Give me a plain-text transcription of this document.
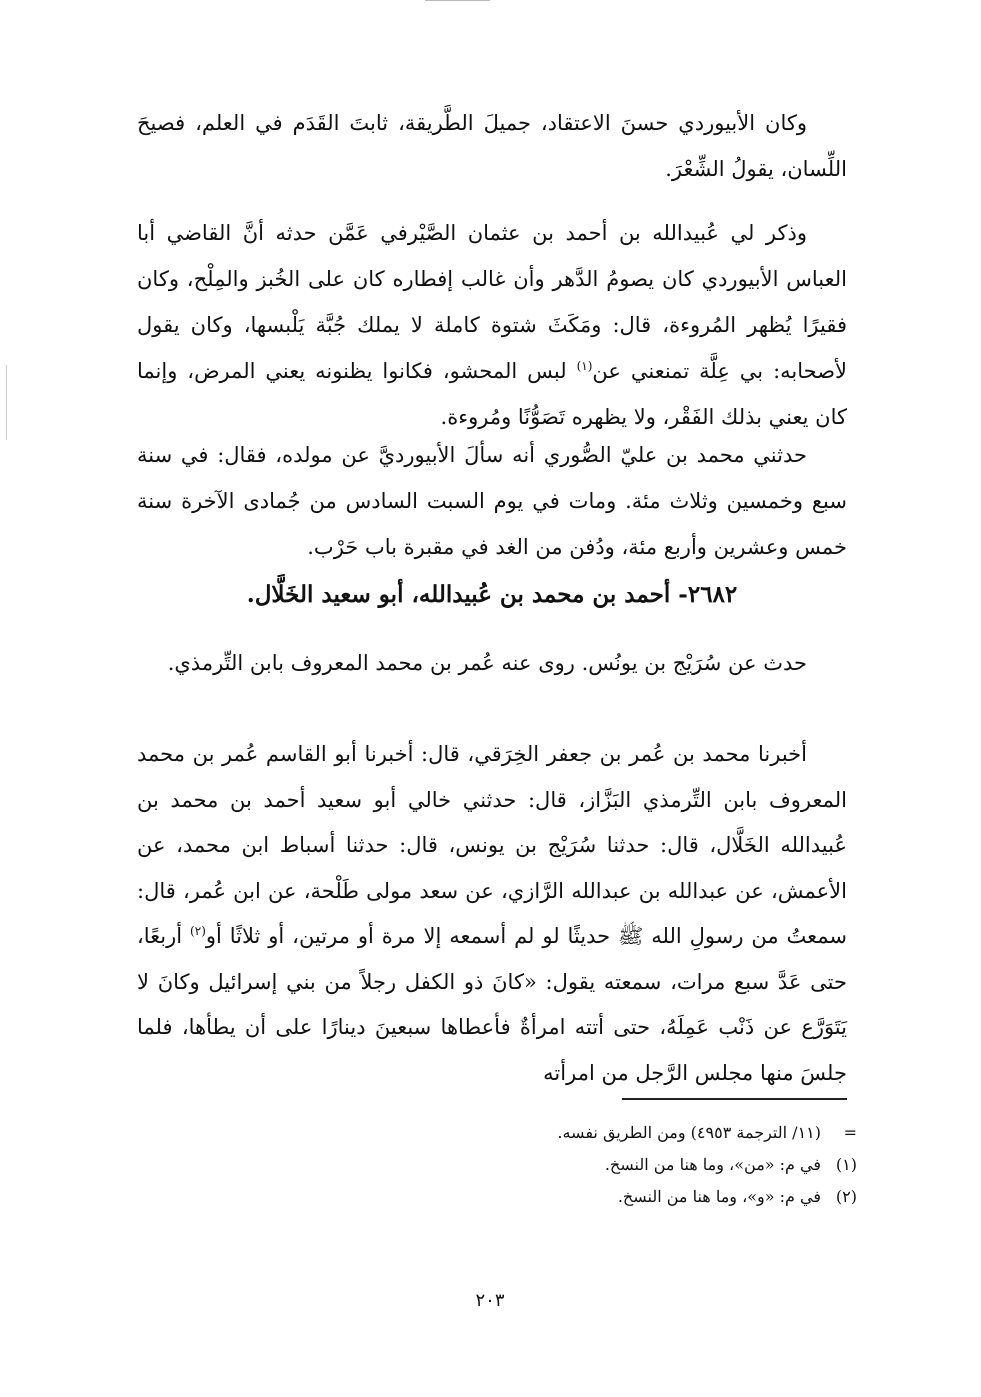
وكان الأبيوردي حسنَ الاعتقاد، جميلَ الطَّريقة، ثابتَ القَدَم في العلم، فصيحَ اللِّسان، يقولُ الشِّعْرَ.

وذكر لي عُبيدالله بن أحمد بن عثمان الصَّيْرفي عَمَّن حدثه أنَّ القاضي أبا العباس الأبيوردي كان يصومُ الدَّهر وأن غالب إفطاره كان على الخُبز والمِلْح، وكان فقيرًا يُظهر المُروءة، قال: ومَكَثَ شتوة كاملة لا يملك جُبَّة يَلْبسها، وكان يقول لأصحابه: بي عِلَّة تمنعني عن$^{(١)}$ لبس المحشو، فكانوا يظنونه يعني المرض، وإنما كان يعني بذلك الفَقْر، ولا يظهره تَصَوُّنًا ومُروءة.

حدثني محمد بن عليّ الصُّوري أنه سألَ الأبيورديَّ عن مولده، فقال: في سنة سبع وخمسين وثلاث مئة. ومات في يوم السبت السادس من جُمادى الآخرة سنة خمس وعشرين وأربع مئة، ودُفن من الغد في مقبرة باب حَرْب.

٢٦٨٢- أحمد بن محمد بن عُبيدالله، أبو سعيد الخَلَّال.

حدث عن سُرَيْج بن يونُس. روى عنه عُمر بن محمد المعروف بابن التِّرمذي.

أخبرنا محمد بن عُمر بن جعفر الخِرَقي، قال: أخبرنا أبو القاسم عُمر بن محمد المعروف بابن التِّرمذي البَزَّاز، قال: حدثني خالي أبو سعيد أحمد بن محمد بن عُبيدالله الخَلَّال، قال: حدثنا سُرَيْج بن يونس، قال: حدثنا أسباط ابن محمد، عن الأعمش، عن عبدالله بن عبدالله الرَّازي، عن سعد مولى طَلْحة، عن ابن عُمر، قال: سمعتُ من رسولِ الله ﷺ حديثًا لو لم أسمعه إلا مرة أو مرتين، أو ثلاثًا أو$^{(٢)}$ أربعًا، حتى عَدَّ سبع مرات، سمعته يقول: «كانَ ذو الكفل رجلاً من بني إسرائيل وكانَ لا يَتَوَرَّع عن ذَنْب عَمِلَهُ، حتى أتته امرأةٌ فأعطاها سبعينَ دينارًا على أن يطأها، فلما جلسَ منها مجلس الرَّجل من امرأته

=(١١/ الترجمة ٤٩٥٣) ومن الطريق نفسه.

(١)في م: «من»، وما هنا من النسخ.

(٢)في م: «و»، وما هنا من النسخ.

٢٠٣
